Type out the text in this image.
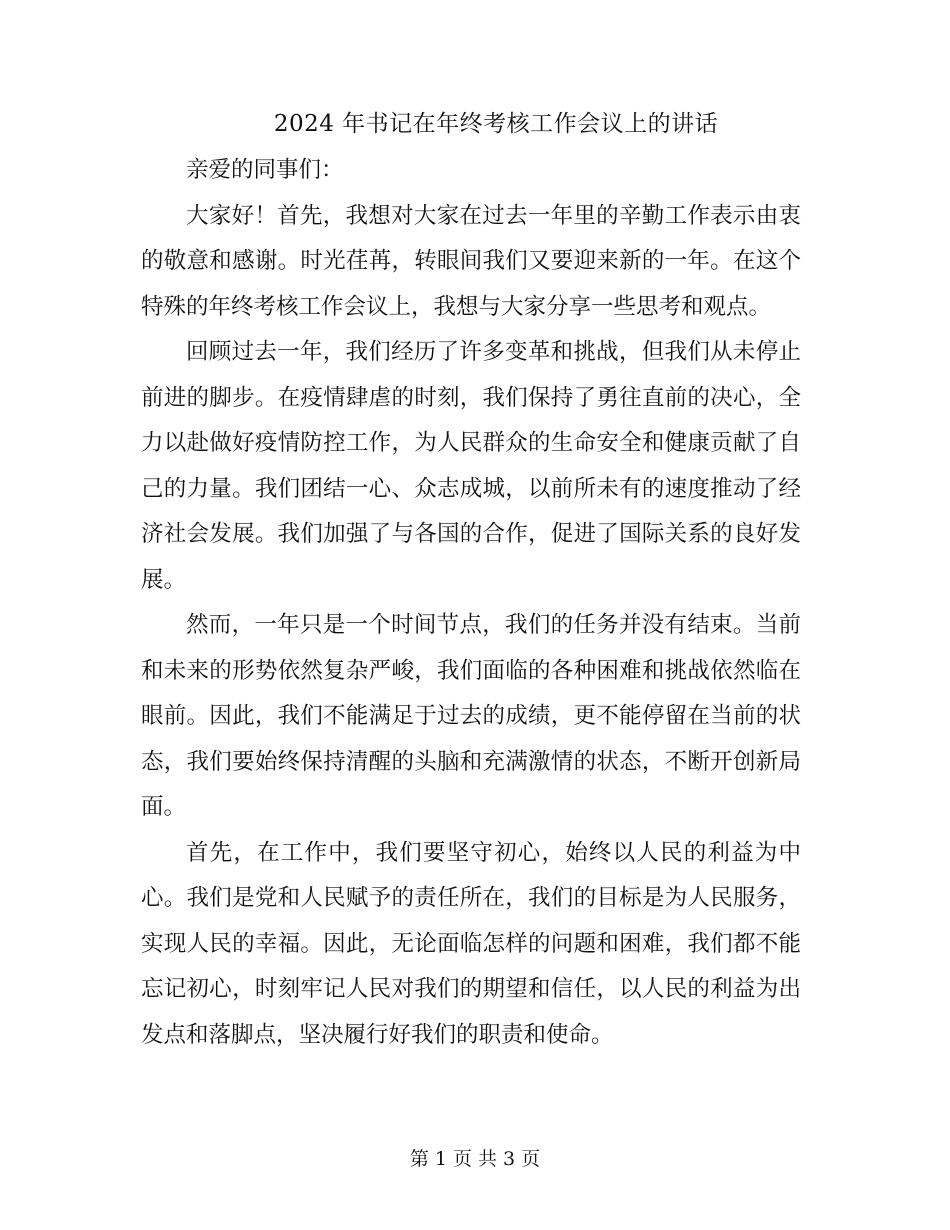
2024 年书记在年终考核工作会议上的讲话

亲爱的同事们：

大家好！首先，我想对大家在过去一年里的辛勤工作表示由衷的敬意和感谢。时光荏苒，转眼间我们又要迎来新的一年。在这个特殊的年终考核工作会议上，我想与大家分享一些思考和观点。

回顾过去一年，我们经历了许多变革和挑战，但我们从未停止前进的脚步。在疫情肆虐的时刻，我们保持了勇往直前的决心，全力以赴做好疫情防控工作，为人民群众的生命安全和健康贡献了自己的力量。我们团结一心、众志成城，以前所未有的速度推动了经济社会发展。我们加强了与各国的合作，促进了国际关系的良好发展。

然而，一年只是一个时间节点，我们的任务并没有结束。当前和未来的形势依然复杂严峻，我们面临的各种困难和挑战依然临在眼前。因此，我们不能满足于过去的成绩，更不能停留在当前的状态，我们要始终保持清醒的头脑和充满激情的状态，不断开创新局面。

首先，在工作中，我们要坚守初心，始终以人民的利益为中心。我们是党和人民赋予的责任所在，我们的目标是为人民服务，实现人民的幸福。因此，无论面临怎样的问题和困难，我们都不能忘记初心，时刻牢记人民对我们的期望和信任，以人民的利益为出发点和落脚点，坚决履行好我们的职责和使命。

第 1 页 共 3 页
